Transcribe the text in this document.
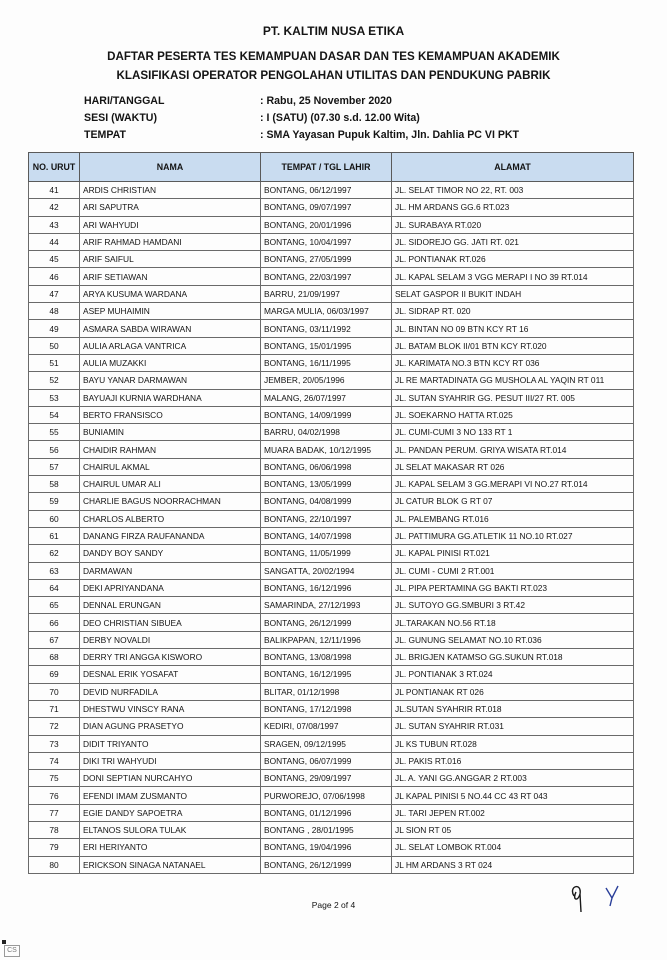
PT. KALTIM NUSA ETIKA
DAFTAR PESERTA TES KEMAMPUAN DASAR DAN TES KEMAMPUAN AKADEMIK
KLASIFIKASI OPERATOR PENGOLAHAN UTILITAS DAN PENDUKUNG PABRIK
HARI/TANGGAL	: Rabu, 25 November 2020
SESI (WAKTU)	: I (SATU) (07.30 s.d. 12.00 Wita)
TEMPAT	: SMA Yayasan Pupuk Kaltim, Jln. Dahlia PC VI PKT
NO. URUT	NAMA	TEMPAT / TGL LAHIR	ALAMAT
41	ARDIS CHRISTIAN	BONTANG, 06/12/1997	JL. SELAT TIMOR NO 22, RT. 003
42	ARI SAPUTRA	BONTANG, 09/07/1997	JL. HM ARDANS GG.6 RT.023
43	ARI WAHYUDI	BONTANG, 20/01/1996	JL. SURABAYA RT.020
44	ARIF RAHMAD HAMDANI	BONTANG, 10/04/1997	JL. SIDOREJO GG. JATI RT. 021
45	ARIF SAIFUL	BONTANG, 27/05/1999	JL. PONTIANAK RT.026
46	ARIF SETIAWAN	BONTANG, 22/03/1997	JL. KAPAL SELAM 3 VGG MERAPI I NO 39 RT.014
47	ARYA KUSUMA WARDANA	BARRU, 21/09/1997	SELAT GASPOR II BUKIT INDAH
48	ASEP MUHAIMIN	MARGA MULIA, 06/03/1997	JL. SIDRAP RT. 020
49	ASMARA SABDA WIRAWAN	BONTANG, 03/11/1992	JL. BINTAN NO 09 BTN KCY RT 16
50	AULIA ARLAGA VANTRICA	BONTANG, 15/01/1995	JL. BATAM BLOK II/01 BTN KCY RT.020
51	AULIA MUZAKKI	BONTANG, 16/11/1995	JL. KARIMATA NO.3 BTN KCY RT 036
52	BAYU YANAR DARMAWAN	JEMBER, 20/05/1996	JL RE MARTADINATA GG MUSHOLA AL YAQIN RT 011
53	BAYUAJI KURNIA WARDHANA	MALANG, 26/07/1997	JL. SUTAN SYAHRIR GG. PESUT III/27 RT. 005
54	BERTO FRANSISCO	BONTANG, 14/09/1999	JL. SOEKARNO HATTA RT.025
55	BUNIAMIN	BARRU, 04/02/1998	JL. CUMI-CUMI 3 NO 133 RT 1
56	CHAIDIR RAHMAN	MUARA BADAK, 10/12/1995	JL. PANDAN PERUM. GRIYA WISATA RT.014
57	CHAIRUL AKMAL	BONTANG, 06/06/1998	JL SELAT MAKASAR RT 026
58	CHAIRUL UMAR ALI	BONTANG, 13/05/1999	JL. KAPAL SELAM 3 GG.MERAPI VI NO.27 RT.014
59	CHARLIE BAGUS NOORRACHMAN	BONTANG, 04/08/1999	JL CATUR BLOK G RT 07
60	CHARLOS ALBERTO	BONTANG, 22/10/1997	JL. PALEMBANG RT.016
61	DANANG FIRZA RAUFANANDA	BONTANG, 14/07/1998	JL. PATTIMURA GG.ATLETIK 11 NO.10 RT.027
62	DANDY BOY SANDY	BONTANG, 11/05/1999	JL. KAPAL PINISI RT.021
63	DARMAWAN	SANGATTA, 20/02/1994	JL. CUMI - CUMI 2 RT.001
64	DEKI APRIYANDANA	BONTANG, 16/12/1996	JL. PIPA PERTAMINA GG BAKTI RT.023
65	DENNAL ERUNGAN	SAMARINDA, 27/12/1993	JL. SUTOYO GG.SMBURI 3 RT.42
66	DEO CHRISTIAN SIBUEA	BONTANG, 26/12/1999	JL.TARAKAN NO.56 RT.18
67	DERBY NOVALDI	BALIKPAPAN, 12/11/1996	JL. GUNUNG SELAMAT NO.10 RT.036
68	DERRY TRI ANGGA KISWORO	BONTANG, 13/08/1998	JL. BRIGJEN KATAMSO GG.SUKUN RT.018
69	DESNAL ERIK YOSAFAT	BONTANG, 16/12/1995	JL. PONTIANAK 3 RT.024
70	DEVID NURFADILA	BLITAR, 01/12/1998	JL PONTIANAK RT 026
71	DHESTWU VINSCY RANA	BONTANG, 17/12/1998	JL.SUTAN SYAHRIR RT.018
72	DIAN AGUNG PRASETYO	KEDIRI, 07/08/1997	JL. SUTAN SYAHRIR RT.031
73	DIDIT TRIYANTO	SRAGEN, 09/12/1995	JL KS TUBUN RT.028
74	DIKI TRI WAHYUDI	BONTANG, 06/07/1999	JL. PAKIS RT.016
75	DONI SEPTIAN NURCAHYO	BONTANG, 29/09/1997	JL. A. YANI GG.ANGGAR 2 RT.003
76	EFENDI IMAM ZUSMANTO	PURWOREJO, 07/06/1998	JL KAPAL PINISI 5 NO.44 CC 43 RT 043
77	EGIE DANDY SAPOETRA	BONTANG, 01/12/1996	JL. TARI JEPEN RT.002
78	ELTANOS SULORA TULAK	BONTANG , 28/01/1995	JL SION RT 05
79	ERI HERIYANTO	BONTANG, 19/04/1996	JL. SELAT LOMBOK RT.004
80	ERICKSON SINAGA NATANAEL	BONTANG, 26/12/1999	JL HM ARDANS 3 RT 024
Page 2 of 4
CS
